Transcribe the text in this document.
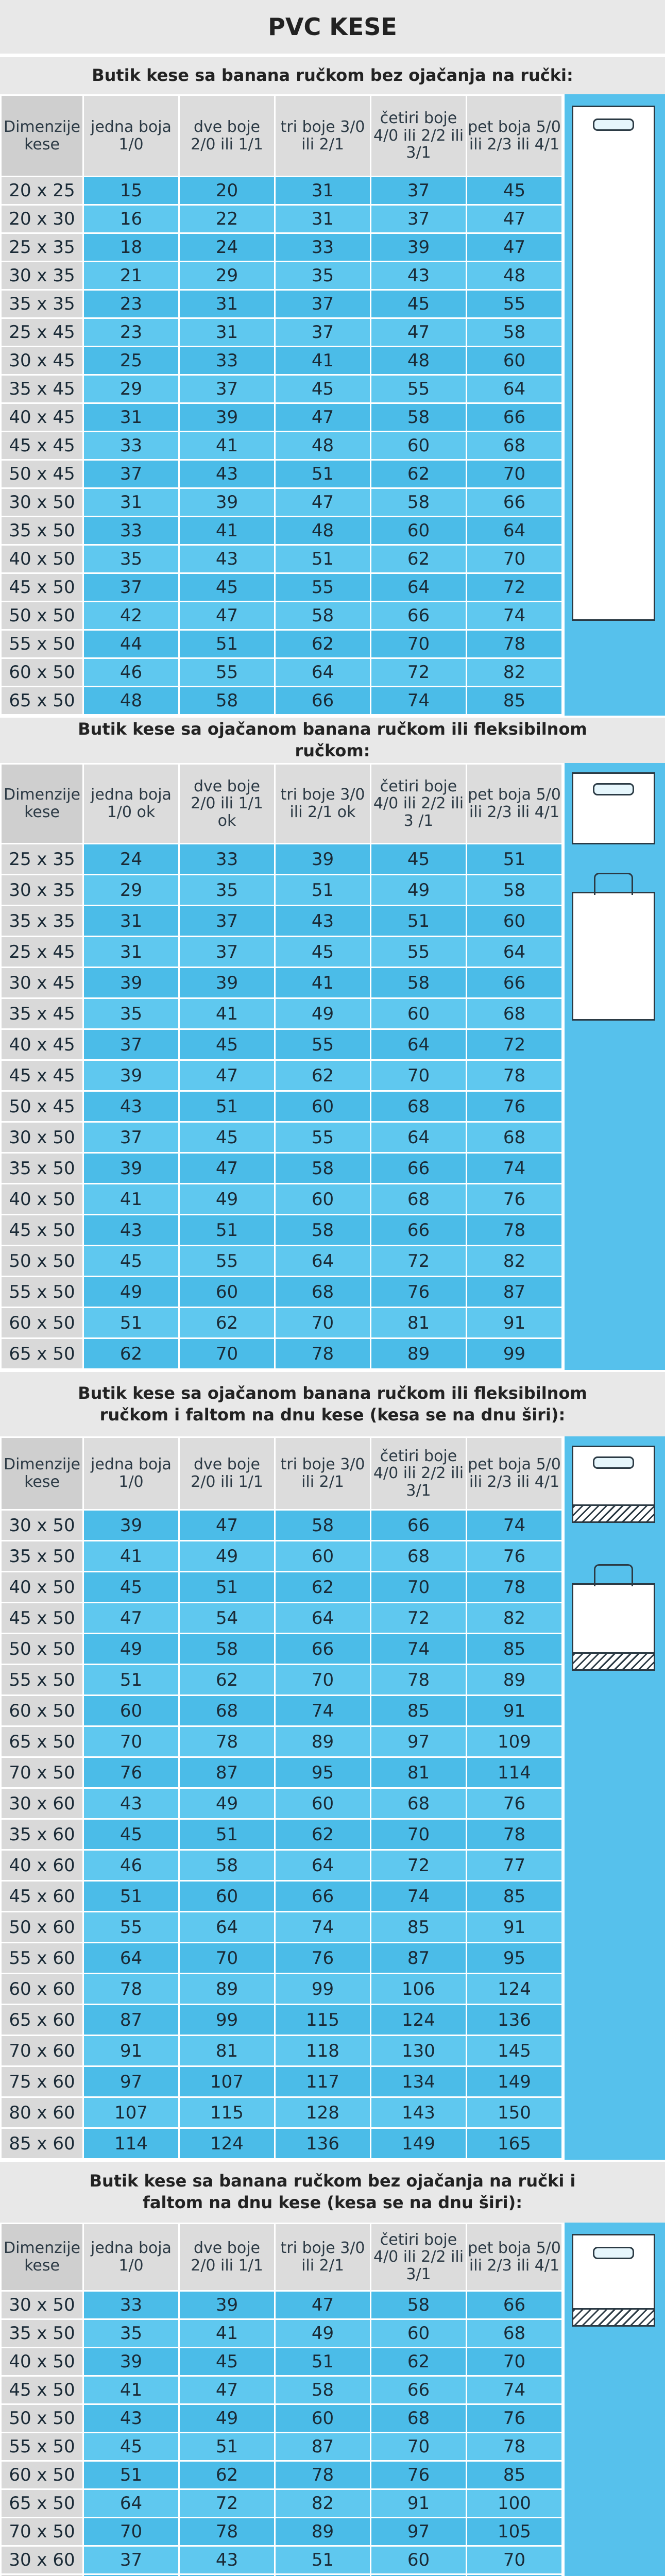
PVC KESE
Butik kese sa banana ručkom bez ojačanja na ručki:
Dimenzije kese	jedna boja 1/0	dve boje 2/0 ili 1/1	tri boje 3/0 ili 2/1	četiri boje 4/0 ili 2/2 ili 3/1	pet boja 5/0 ili 2/3 ili 4/1
20 x 25	15	20	31	37	45
20 x 30	16	22	31	37	47
25 x 35	18	24	33	39	47
30 x 35	21	29	35	43	48
35 x 35	23	31	37	45	55
25 x 45	23	31	37	47	58
30 x 45	25	33	41	48	60
35 x 45	29	37	45	55	64
40 x 45	31	39	47	58	66
45 x 45	33	41	48	60	68
50 x 45	37	43	51	62	70
30 x 50	31	39	47	58	66
35 x 50	33	41	48	60	64
40 x 50	35	43	51	62	70
45 x 50	37	45	55	64	72
50 x 50	42	47	58	66	74
55 x 50	44	51	62	70	78
60 x 50	46	55	64	72	82
65 x 50	48	58	66	74	85
Butik kese sa ojačanom banana ručkom ili fleksibilnom ručkom:
Dimenzije kese	jedna boja 1/0 ok	dve boje 2/0 ili 1/1 ok	tri boje 3/0 ili 2/1 ok	četiri boje 4/0 ili 2/2 ili 3 /1	pet boja 5/0 ili 2/3 ili 4/1
25 x 35	24	33	39	45	51
30 x 35	29	35	51	49	58
35 x 35	31	37	43	51	60
25 x 45	31	37	45	55	64
30 x 45	39	39	41	58	66
35 x 45	35	41	49	60	68
40 x 45	37	45	55	64	72
45 x 45	39	47	62	70	78
50 x 45	43	51	60	68	76
30 x 50	37	45	55	64	68
35 x 50	39	47	58	66	74
40 x 50	41	49	60	68	76
45 x 50	43	51	58	66	78
50 x 50	45	55	64	72	82
55 x 50	49	60	68	76	87
60 x 50	51	62	70	81	91
65 x 50	62	70	78	89	99
Butik kese sa ojačanom banana ručkom ili fleksibilnom ručkom i faltom na dnu kese (kesa se na dnu širi):
Dimenzije kese	jedna boja 1/0	dve boje 2/0 ili 1/1	tri boje 3/0 ili 2/1	četiri boje 4/0 ili 2/2 ili 3/1	pet boja 5/0 ili 2/3 ili 4/1
30 x 50	39	47	58	66	74
35 x 50	41	49	60	68	76
40 x 50	45	51	62	70	78
45 x 50	47	54	64	72	82
50 x 50	49	58	66	74	85
55 x 50	51	62	70	78	89
60 x 50	60	68	74	85	91
65 x 50	70	78	89	97	109
70 x 50	76	87	95	81	114
30 x 60	43	49	60	68	76
35 x 60	45	51	62	70	78
40 x 60	46	58	64	72	77
45 x 60	51	60	66	74	85
50 x 60	55	64	74	85	91
55 x 60	64	70	76	87	95
60 x 60	78	89	99	106	124
65 x 60	87	99	115	124	136
70 x 60	91	81	118	130	145
75 x 60	97	107	117	134	149
80 x 60	107	115	128	143	150
85 x 60	114	124	136	149	165
Butik kese sa banana ručkom bez ojačanja na ručki i faltom na dnu kese (kesa se na dnu širi):
Dimenzije kese	jedna boja 1/0	dve boje 2/0 ili 1/1	tri boje 3/0 ili 2/1	četiri boje 4/0 ili 2/2 ili 3/1	pet boja 5/0 ili 2/3 ili 4/1
30 x 50	33	39	47	58	66
35 x 50	35	41	49	60	68
40 x 50	39	45	51	62	70
45 x 50	41	47	58	66	74
50 x 50	43	49	60	68	76
55 x 50	45	51	87	70	78
60 x 50	51	62	78	76	85
65 x 50	64	72	82	91	100
70 x 50	70	78	89	97	105
30 x 60	37	43	51	60	70
